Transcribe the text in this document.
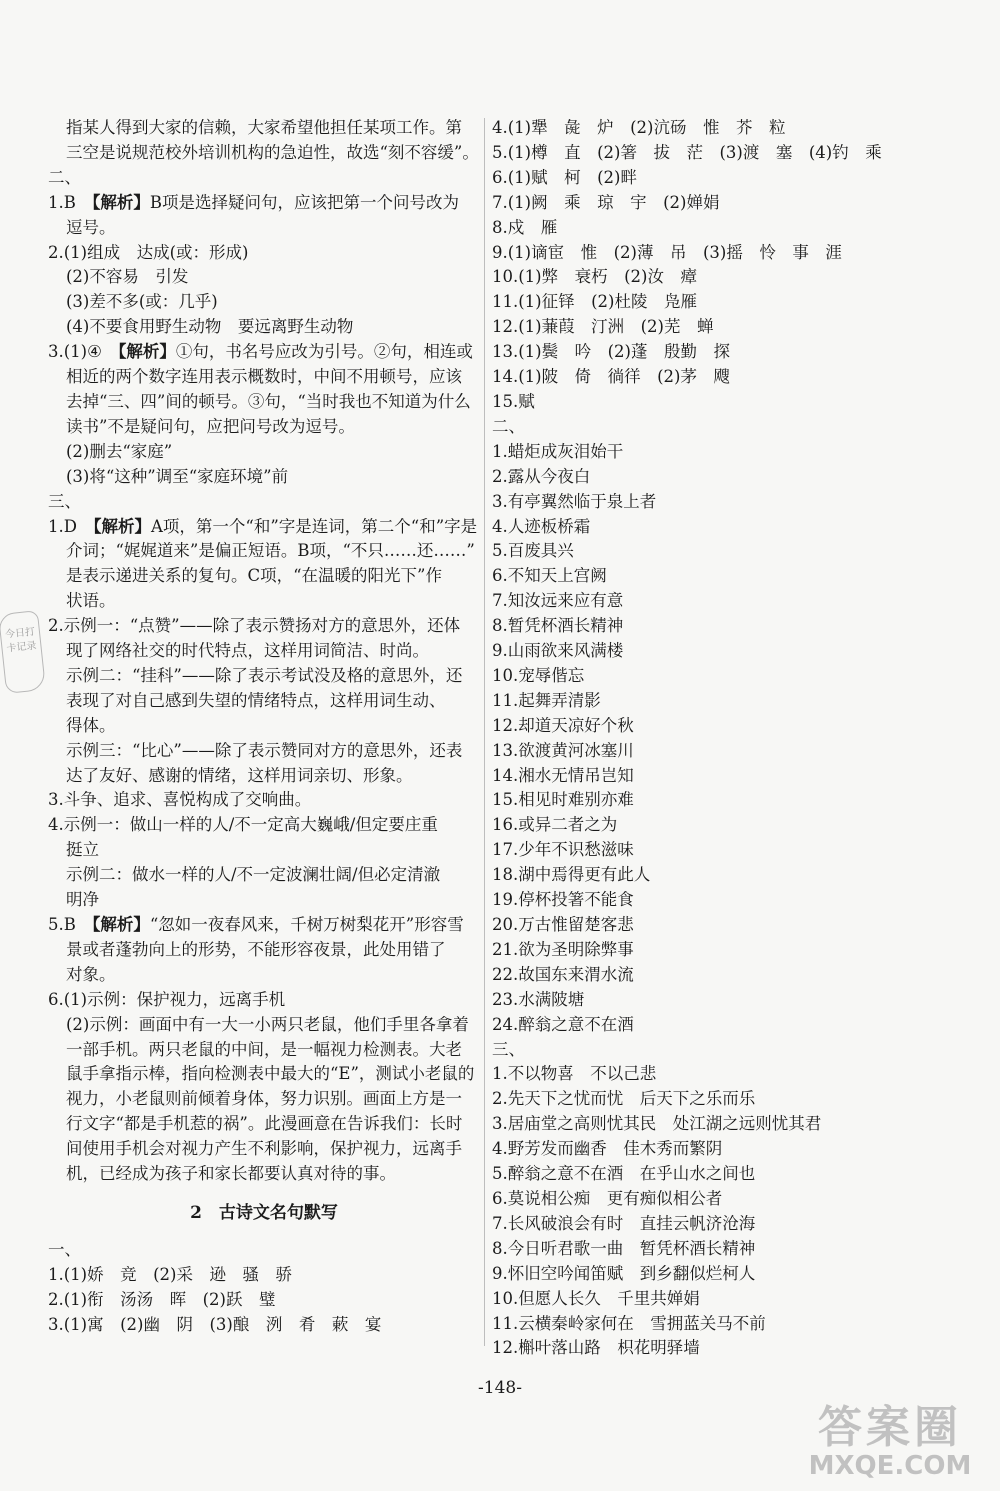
指某人得到大家的信赖，大家希望他担任某项工作。第
三空是说规范校外培训机构的急迫性，故选“刻不容缓”。
二、
1.B 【解析】B项是选择疑问句，应该把第一个问号改为
逗号。
2.(1)组成　达成(或：形成)
(2)不容易　引发
(3)差不多(或：几乎)
(4)不要食用野生动物　要远离野生动物
3.(1)④ 【解析】①句，书名号应改为引号。②句，相连或
相近的两个数字连用表示概数时，中间不用顿号，应该
去掉“三、四”间的顿号。③句，“当时我也不知道为什么
读书”不是疑问句，应把问号改为逗号。
(2)删去“家庭”
(3)将“这种”调至“家庭环境”前
三、
1.D 【解析】A项，第一个“和”字是连词，第二个“和”字是
介词；“娓娓道来”是偏正短语。B项，“不只……还……”
是表示递进关系的复句。C项，“在温暖的阳光下”作
状语。
2.示例一：“点赞”——除了表示赞扬对方的意思外，还体
现了网络社交的时代特点，这样用词简洁、时尚。
示例二：“挂科”——除了表示考试没及格的意思外，还
表现了对自己感到失望的情绪特点，这样用词生动、
得体。
示例三：“比心”——除了表示赞同对方的意思外，还表
达了友好、感谢的情绪，这样用词亲切、形象。
3.斗争、追求、喜悦构成了交响曲。
4.示例一：做山一样的人/不一定高大巍峨/但定要庄重
挺立
示例二：做水一样的人/不一定波澜壮阔/但必定清澈
明净
5.B 【解析】“忽如一夜春风来，千树万树梨花开”形容雪
景或者蓬勃向上的形势，不能形容夜景，此处用错了
对象。
6.(1)示例：保护视力，远离手机
(2)示例：画面中有一大一小两只老鼠，他们手里各拿着
一部手机。两只老鼠的中间，是一幅视力检测表。大老
鼠手拿指示棒，指向检测表中最大的“E”，测试小老鼠的
视力，小老鼠则前倾着身体，努力识别。画面上方是一
行文字“都是手机惹的祸”。此漫画意在告诉我们：长时
间使用手机会对视力产生不利影响，保护视力，远离手
机，已经成为孩子和家长都要认真对待的事。
2　古诗文名句默写
一、
1.(1)娇　竞　(2)采　逊　骚　骄
2.(1)衔　汤汤　晖　(2)跃　璧
3.(1)寓　(2)幽　阴　(3)酿　洌　肴　蔌　宴
4.(1)犟　彘　炉　(2)沆砀　惟　芥　粒
5.(1)樽　直　(2)箸　拔　茫　(3)渡　塞　(4)钓　乘
6.(1)赋　柯　(2)畔
7.(1)阙　乘　琼　宇　(2)婵娟
8.戍　雁
9.(1)谪宦　惟　(2)薄　吊　(3)摇　怜　事　涯
10.(1)弊　衰朽　(2)汝　瘴
11.(1)征铎　(2)杜陵　凫雁
12.(1)蒹葭　汀洲　(2)芜　蝉
13.(1)鬓　吟　(2)蓬　殷勤　探
14.(1)陂　倚　徜徉　(2)茅　飕
15.赋
二、
1.蜡炬成灰泪始干
2.露从今夜白
3.有亭翼然临于泉上者
4.人迹板桥霜
5.百废具兴
6.不知天上宫阙
7.知汝远来应有意
8.暂凭杯酒长精神
9.山雨欲来风满楼
10.宠辱偕忘
11.起舞弄清影
12.却道天凉好个秋
13.欲渡黄河冰塞川
14.湘水无情吊岂知
15.相见时难别亦难
16.或异二者之为
17.少年不识愁滋味
18.湖中焉得更有此人
19.停杯投箸不能食
20.万古惟留楚客悲
21.欲为圣明除弊事
22.故国东来渭水流
23.水满陂塘
24.醉翁之意不在酒
三、
1.不以物喜　不以己悲
2.先天下之忧而忧　后天下之乐而乐
3.居庙堂之高则忧其民　处江湖之远则忧其君
4.野芳发而幽香　佳木秀而繁阴
5.醉翁之意不在酒　在乎山水之间也
6.莫说相公痴　更有痴似相公者
7.长风破浪会有时　直挂云帆济沧海
8.今日听君歌一曲　暂凭杯酒长精神
9.怀旧空吟闻笛赋　到乡翻似烂柯人
10.但愿人长久　千里共婵娟
11.云横秦岭家何在　雪拥蓝关马不前
12.槲叶落山路　枳花明驿墙
今日打卡记录
-148-
答案圈
MXQE.COM
